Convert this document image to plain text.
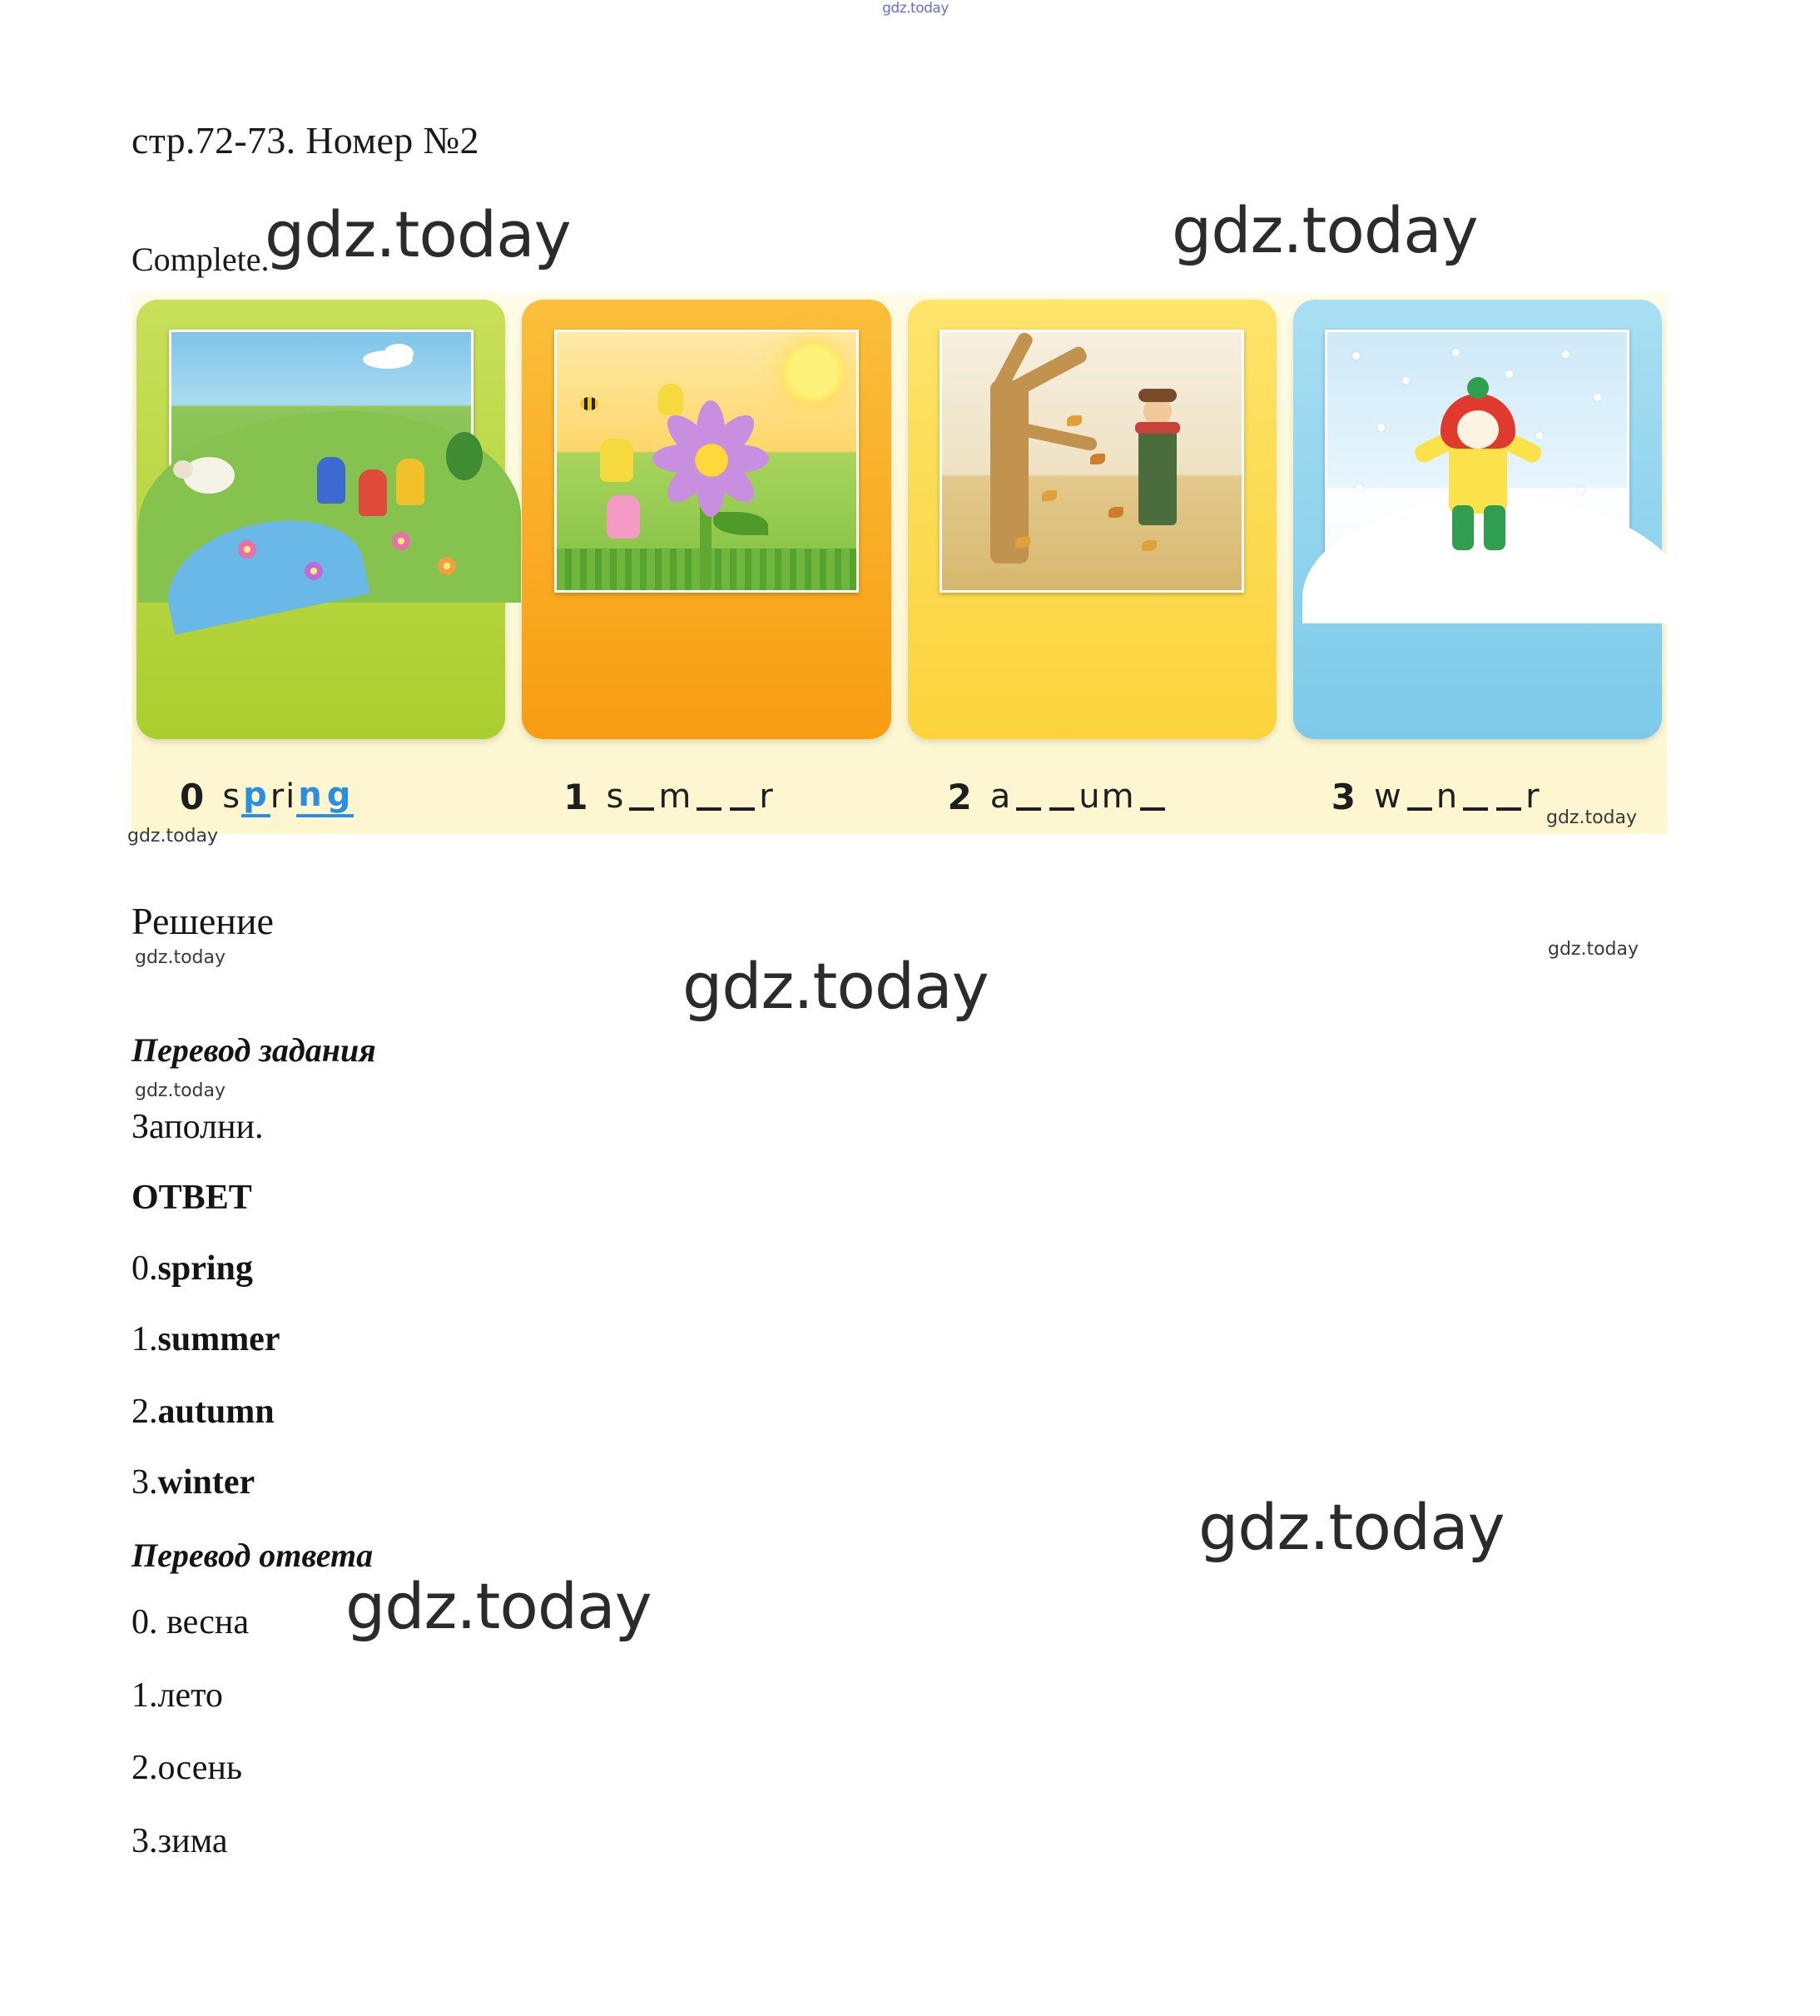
gdz.today
стр.72-73. Номер №2
Complete.
0 s p ri n g	1 s m r	2 a um	3 w n r
gdz.today	gdz.today
gdz.today
gdz.today
Решение
gdz.today	gdz.today
gdz.today
Перевод задания
gdz.today
Заполни.
ОТВЕТ
0.spring
1.summer
2.autumn
3.winter
Перевод ответа
0. весна
1.лето
2.осень
3.зима
gdz.today
gdz.today
